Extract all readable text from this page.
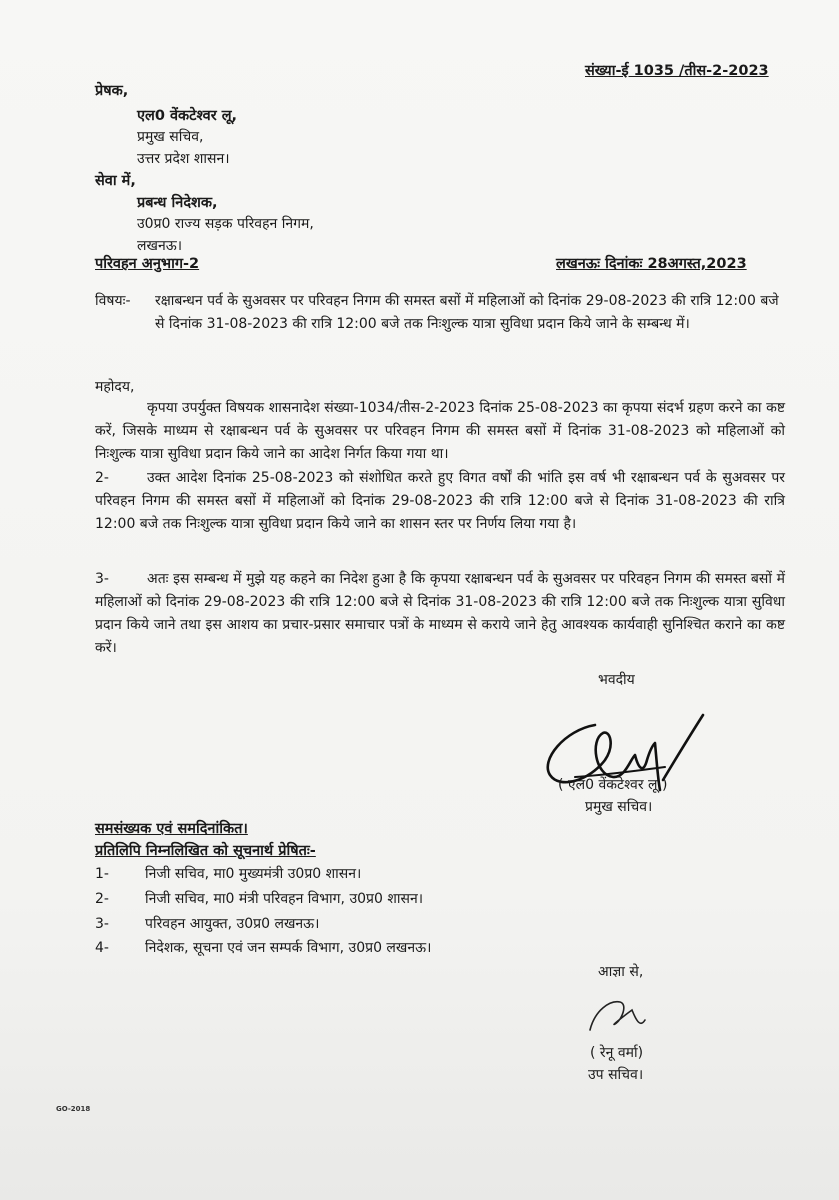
संख्या-ई 1035 /तीस-2-2023
प्रेषक,
एल0 वेंकटेश्वर लू,
प्रमुख सचिव,
उत्तर प्रदेश शासन।
सेवा में,
प्रबन्ध निदेशक,
उ0प्र0 राज्य सड़क परिवहन निगम,
लखनऊ।
परिवहन अनुभाग-2	लखनऊः दिनांकः 28अगस्त,2023
विषयः- रक्षाबन्धन पर्व के सुअवसर पर परिवहन निगम की समस्त बसों में महिलाओं को दिनांक 29-08-2023 की रात्रि 12:00 बजे से दिनांक 31-08-2023 की रात्रि 12:00 बजे तक निःशुल्क यात्रा सुविधा प्रदान किये जाने के सम्बन्ध में।
महोदय,
कृपया उपर्युक्त विषयक शासनादेश संख्या-1034/तीस-2-2023 दिनांक 25-08-2023 का कृपया संदर्भ ग्रहण करने का कष्ट करें, जिसके माध्यम से रक्षाबन्धन पर्व के सुअवसर पर परिवहन निगम की समस्त बसों में दिनांक 31-08-2023 को महिलाओं को निःशुल्क यात्रा सुविधा प्रदान किये जाने का आदेश निर्गत किया गया था।
2-	उक्त आदेश दिनांक 25-08-2023 को संशोधित करते हुए विगत वर्षों की भांति इस वर्ष भी रक्षाबन्धन पर्व के सुअवसर पर परिवहन निगम की समस्त बसों में महिलाओं को दिनांक 29-08-2023 की रात्रि 12:00 बजे से दिनांक 31-08-2023 की रात्रि 12:00 बजे तक निःशुल्क यात्रा सुविधा प्रदान किये जाने का शासन स्तर पर निर्णय लिया गया है।
3-	अतः इस सम्बन्ध में मुझे यह कहने का निदेश हुआ है कि कृपया रक्षाबन्धन पर्व के सुअवसर पर परिवहन निगम की समस्त बसों में महिलाओं को दिनांक 29-08-2023 की रात्रि 12:00 बजे से दिनांक 31-08-2023 की रात्रि 12:00 बजे तक निःशुल्क यात्रा सुविधा प्रदान किये जाने तथा इस आशय का प्रचार-प्रसार समाचार पत्रों के माध्यम से कराये जाने हेतु आवश्यक कार्यवाही सुनिश्चित कराने का कष्ट करें।
भवदीय
( एल0 वेंकटेश्वर लू )
प्रमुख सचिव।
समसंख्यक एवं समदिनांकित।
प्रतिलिपि निम्नलिखित को सूचनार्थ प्रेषितः-
1-	निजी सचिव, मा0 मुख्यमंत्री उ0प्र0 शासन।
2-	निजी सचिव, मा0 मंत्री परिवहन विभाग, उ0प्र0 शासन।
3-	परिवहन आयुक्त, उ0प्र0 लखनऊ।
4-	निदेशक, सूचना एवं जन सम्पर्क विभाग, उ0प्र0 लखनऊ।
आज्ञा से,
( रेनू वर्मा)
उप सचिव।
GO-2018
